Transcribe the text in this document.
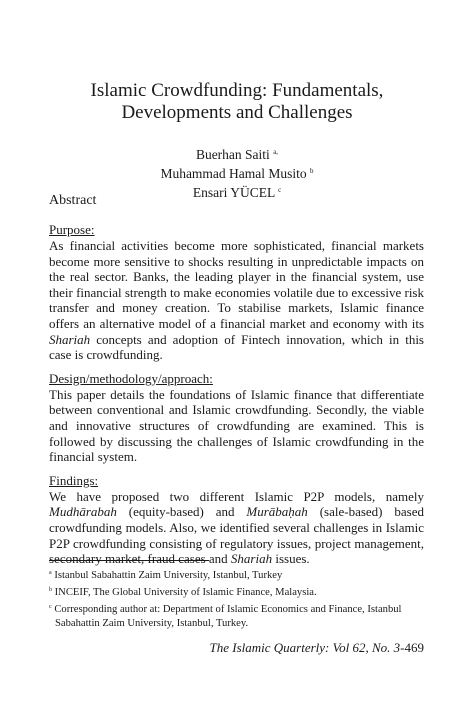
Islamic Crowdfunding: Fundamentals,
Developments and Challenges
Buerhan Saiti $^{a,}$
Muhammad Hamal Musito $^b$
Ensari YÜCEL $^c$
Abstract
Purpose:
As financial activities become more sophisticated, financial markets become more sensitive to shocks resulting in unpredictable impacts on the real sector. Banks, the leading player in the financial system, use their financial strength to make economies volatile due to excessive risk transfer and money creation. To stabilise markets, Islamic finance offers an alternative model of a financial market and economy with its Shariah concepts and adoption of Fintech innovation, which in this case is crowdfunding.
Design/methodology/approach:
This paper details the foundations of Islamic finance that differentiate between conventional and Islamic crowdfunding. Secondly, the viable and innovative structures of crowdfunding are examined. This is followed by discussing the challenges of Islamic crowdfunding in the financial system.
Findings:
We have proposed two different Islamic P2P models, namely Mudhārabah (equity-based) and Murābaḥah (sale-based) based crowdfunding models. Also, we identified several challenges in Islamic P2P crowdfunding consisting of regulatory issues, project management, secondary market, fraud cases and Shariah issues.
$^a$ Istanbul Sabahattin Zaim University, Istanbul, Turkey
$^b$ INCEIF, The Global University of Islamic Finance, Malaysia.
$^c$ Corresponding author at: Department of Islamic Economics and Finance, Istanbul
Sabahattin Zaim University, Istanbul, Turkey.
The Islamic Quarterly: Vol 62, No. 3-469
